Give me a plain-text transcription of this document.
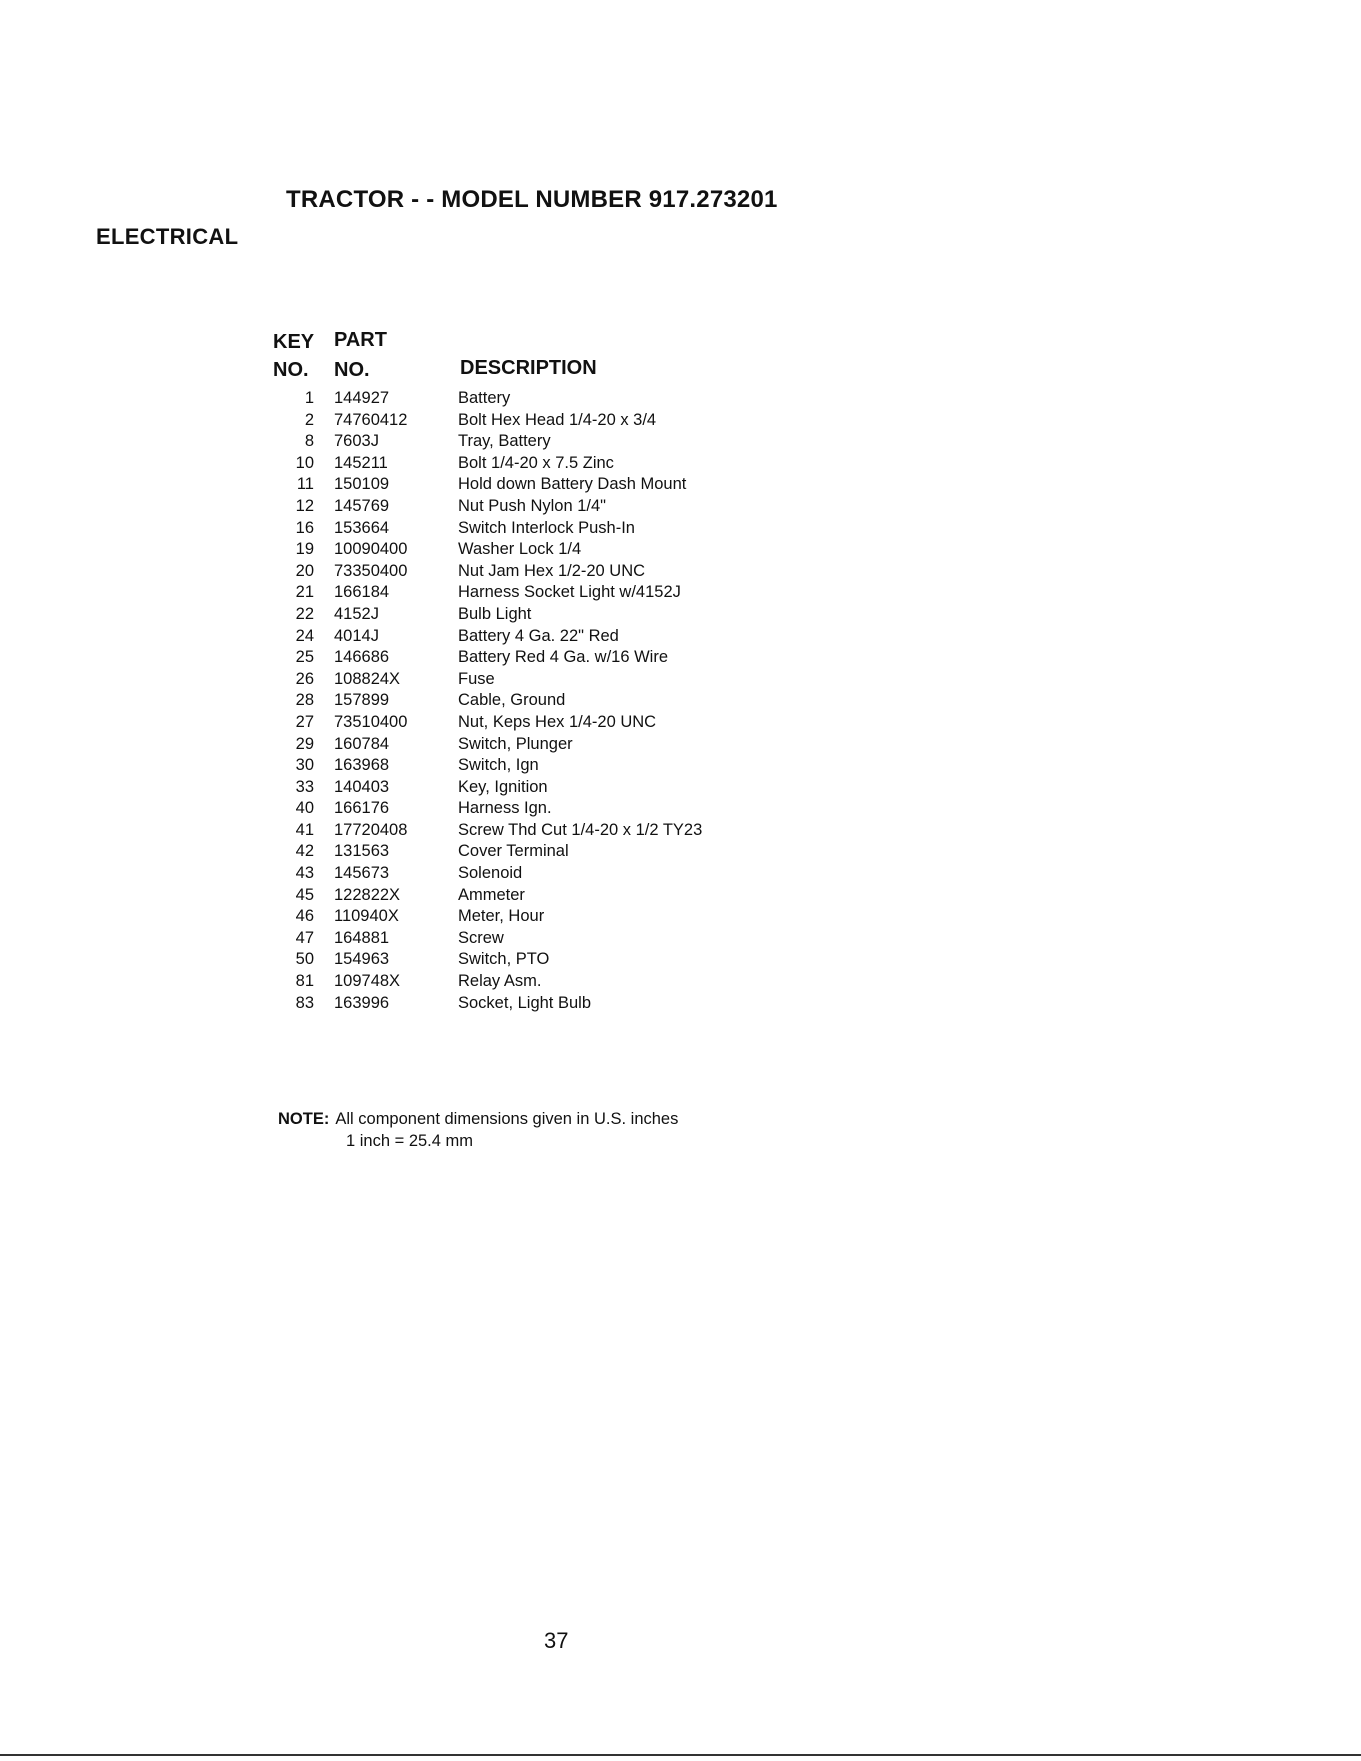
TRACTOR - - MODEL NUMBER 917.273201
ELECTRICAL
KEY
NO.
PART
NO.	DESCRIPTION
1	144927	Battery
2	74760412	Bolt Hex Head 1/4-20 x 3/4
8	7603J	Tray, Battery
10	145211	Bolt 1/4-20 x 7.5 Zinc
11	150109	Hold down Battery Dash Mount
12	145769	Nut Push Nylon 1/4"
16	153664	Switch Interlock Push-In
19	10090400	Washer Lock 1/4
20	73350400	Nut Jam Hex 1/2-20 UNC
21	166184	Harness Socket Light w/4152J
22	4152J	Bulb Light
24	4014J	Battery 4 Ga. 22" Red
25	146686	Battery Red 4 Ga. w/16 Wire
26	108824X	Fuse
28	157899	Cable, Ground
27	73510400	Nut, Keps Hex 1/4-20 UNC
29	160784	Switch, Plunger
30	163968	Switch, Ign
33	140403	Key, Ignition
40	166176	Harness Ign.
41	17720408	Screw Thd Cut 1/4-20 x 1/2 TY23
42	131563	Cover Terminal
43	145673	Solenoid
45	122822X	Ammeter
46	110940X	Meter, Hour
47	164881	Screw
50	154963	Switch, PTO
81	109748X	Relay Asm.
83	163996	Socket, Light Bulb
NOTE: All component dimensions given in U.S. inches
1 inch = 25.4 mm
37
